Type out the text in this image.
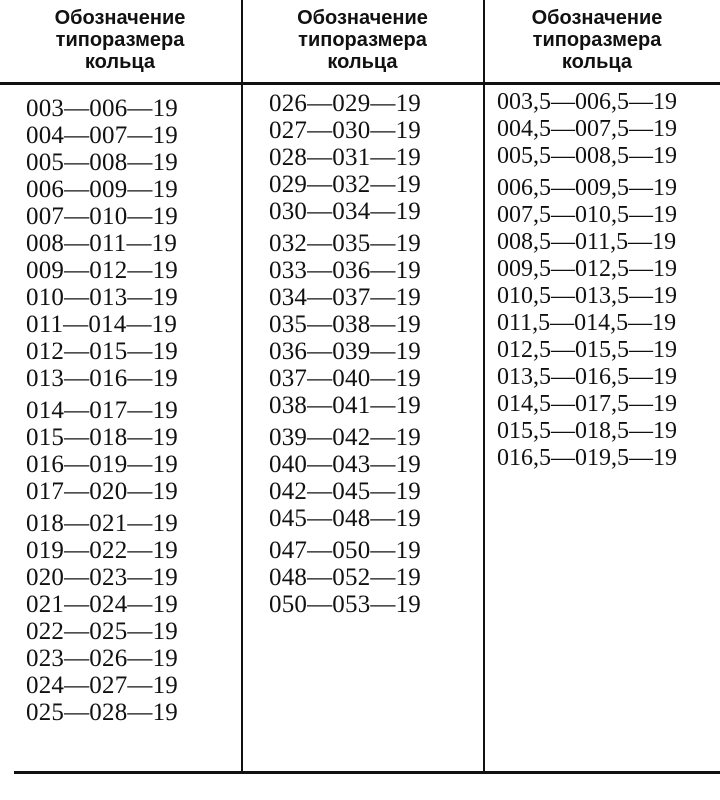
Обозначение
типоразмера
кольца
Обозначение
типоразмера
кольца
Обозначение
типоразмера
кольца
003—006—19
004—007—19
005—008—19
006—009—19
007—010—19
008—011—19
009—012—19
010—013—19
011—014—19
012—015—19
013—016—19
014—017—19
015—018—19
016—019—19
017—020—19
018—021—19
019—022—19
020—023—19
021—024—19
022—025—19
023—026—19
024—027—19
025—028—19
026—029—19
027—030—19
028—031—19
029—032—19
030—034—19
032—035—19
033—036—19
034—037—19
035—038—19
036—039—19
037—040—19
038—041—19
039—042—19
040—043—19
042—045—19
045—048—19
047—050—19
048—052—19
050—053—19
003,5—006,5—19
004,5—007,5—19
005,5—008,5—19
006,5—009,5—19
007,5—010,5—19
008,5—011,5—19
009,5—012,5—19
010,5—013,5—19
011,5—014,5—19
012,5—015,5—19
013,5—016,5—19
014,5—017,5—19
015,5—018,5—19
016,5—019,5—19
